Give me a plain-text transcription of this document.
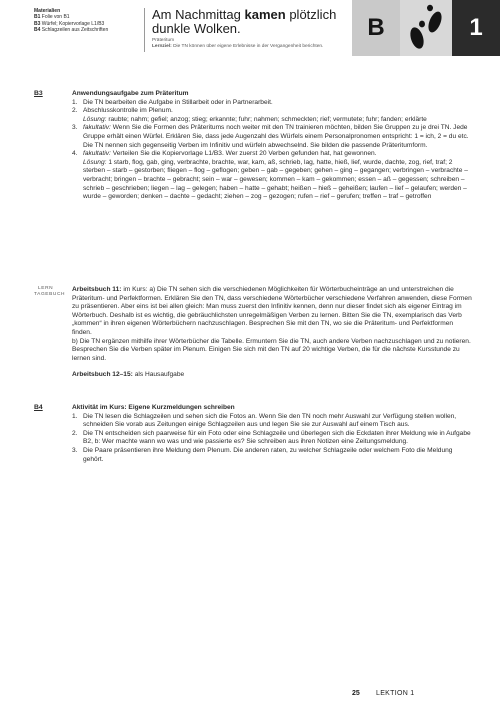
Materialien
B1 Folie von B1
B3 Würfel; Kopiervorlage L1/B3
B4 Schlagzeilen aus Zeitschriften
Am Nachmittag kamen plötzlich dunkle Wolken.
Präteritum
Lernziel: Die TN können über eigene Erlebnisse in der Vergangenheit berichten.
B	1
B3	Anwendungsaufgabe zum Präteritum
1. Die TN bearbeiten die Aufgabe in Stillarbeit oder in Partnerarbeit.
2. Abschlusskontrolle im Plenum.
Lösung: raubte; nahm; gefiel; anzog; stieg; erkannte; fuhr; nahmen; schmeckten; rief; vermutete; fuhr; fanden; erklärte
3. fakultativ: Wenn Sie die Formen des Präteritums noch weiter mit den TN trainieren möchten, bilden Sie Gruppen zu je drei TN. Jede Gruppe erhält einen Würfel. Erklären Sie, dass jede Augenzahl des Würfels einem Personalpronomen entspricht: 1 = ich, 2 = du etc. Die TN nennen sich gegenseitig Verben im Infinitiv und würfeln abwechselnd. Sie bilden die passende Präteritumform.
4. fakultativ: Verteilen Sie die Kopiervorlage L1/B3. Wer zuerst 20 Verben gefunden hat, hat gewonnen.
Lösung: 1 starb, flog, gab, ging, verbrachte, brachte, war, kam, aß, schrieb, lag, hatte, hieß, lief, wurde, dachte, zog, rief, traf; 2 sterben – starb – gestorben; fliegen – flog – geflogen; geben – gab – gegeben; gehen – ging – gegangen; verbringen – verbrachte – verbracht; bringen – brachte – gebracht; sein – war – gewesen; kommen – kam – gekommen; essen – aß – gegessen; schreiben – schrieb – geschrieben; liegen – lag – gelegen; haben – hatte – gehabt; heißen – hieß – geheißen; laufen – lief – gelaufen; werden – wurde – geworden; denken – dachte – gedacht; ziehen – zog – gezogen; rufen – rief – gerufen; treffen – traf – getroffen
LERN
TAGEBUCH
Arbeitsbuch 11: im Kurs: a) Die TN sehen sich die verschiedenen Möglichkeiten für Wörterbucheinträge an und unterstreichen die Präteritum- und Perfektformen. Erklären Sie den TN, dass verschiedene Wörterbücher verschiedene Verfahren anwenden, diese Formen zu präsentieren. Aber eins ist bei allen gleich: Man muss zuerst den Infinitiv kennen, denn nur dieser findet sich als eigener Eintrag im Wörterbuch. Deshalb ist es wichtig, die gebräuchlichsten unregelmäßigen Verben zu lernen. Bitten Sie die TN, exemplarisch das Verb „kommen“ in ihren eigenen Wörterbüchern nachzuschlagen. Besprechen Sie mit den TN, wo sie die Präteritum- und Perfektformen finden.
b) Die TN ergänzen mithilfe ihrer Wörterbücher die Tabelle. Ermuntern Sie die TN, auch andere Verben nachzuschlagen und zu notieren. Besprechen Sie die Verben später im Plenum. Einigen Sie sich mit den TN auf 20 wichtige Verben, die für die nächste Kursstunde zu lernen sind.
Arbeitsbuch 12–15: als Hausaufgabe
B4	Aktivität im Kurs: Eigene Kurzmeldungen schreiben
1. Die TN lesen die Schlagzeilen und sehen sich die Fotos an. Wenn Sie den TN noch mehr Auswahl zur Verfügung stellen wollen, schneiden Sie vorab aus Zeitungen einige Schlagzeilen aus und legen Sie sie zur Auswahl auf einem Tisch aus.
2. Die TN entscheiden sich paarweise für ein Foto oder eine Schlagzeile und überlegen sich die Eckdaten ihrer Meldung wie in Aufgabe B2, b: Wer machte wann wo was und wie passierte es? Sie schreiben aus ihren Notizen eine Zeitungsmeldung.
3. Die Paare präsentieren ihre Meldung dem Plenum. Die anderen raten, zu welcher Schlagzeile oder welchem Foto die Meldung gehört.
25 LEKTION 1
